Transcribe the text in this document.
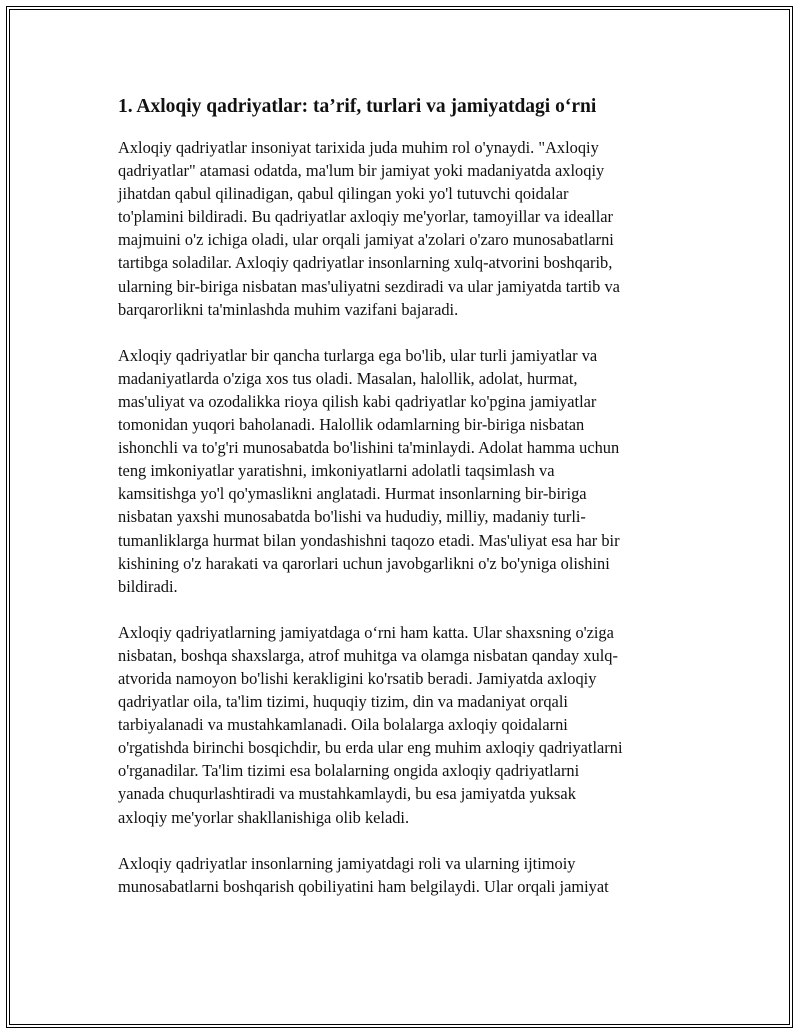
1. Axloqiy qadriyatlar: ta’rif, turlari va jamiyatdagi o‘rni

Axloqiy qadriyatlar insoniyat tarixida juda muhim rol o'ynaydi. "Axloqiy
qadriyatlar" atamasi odatda, ma'lum bir jamiyat yoki madaniyatda axloqiy
jihatdan qabul qilinadigan, qabul qilingan yoki yo'l tutuvchi qoidalar
to'plamini bildiradi. Bu qadriyatlar axloqiy me'yorlar, tamoyillar va ideallar
majmuini o'z ichiga oladi, ular orqali jamiyat a'zolari o'zaro munosabatlarni
tartibga soladilar. Axloqiy qadriyatlar insonlarning xulq-atvorini boshqarib,
ularning bir-biriga nisbatan mas'uliyatni sezdiradi va ular jamiyatda tartib va
barqarorlikni ta'minlashda muhim vazifani bajaradi.

Axloqiy qadriyatlar bir qancha turlarga ega bo'lib, ular turli jamiyatlar va
madaniyatlarda o'ziga xos tus oladi. Masalan, halollik, adolat, hurmat,
mas'uliyat va ozodalikka rioya qilish kabi qadriyatlar ko'pgina jamiyatlar
tomonidan yuqori baholanadi. Halollik odamlarning bir-biriga nisbatan
ishonchli va to'g'ri munosabatda bo'lishini ta'minlaydi. Adolat hamma uchun
teng imkoniyatlar yaratishni, imkoniyatlarni adolatli taqsimlash va
kamsitishga yo'l qo'ymaslikni anglatadi. Hurmat insonlarning bir-biriga
nisbatan yaxshi munosabatda bo'lishi va hududiy, milliy, madaniy turli-
tumanliklarga hurmat bilan yondashishni taqozo etadi. Mas'uliyat esa har bir
kishining o'z harakati va qarorlari uchun javobgarlikni o'z bo'yniga olishini
bildiradi.

Axloqiy qadriyatlarning jamiyatdaga o‘rni ham katta. Ular shaxsning o'ziga
nisbatan, boshqa shaxslarga, atrof muhitga va olamga nisbatan qanday xulq-
atvorida namoyon bo'lishi kerakligini ko'rsatib beradi. Jamiyatda axloqiy
qadriyatlar oila, ta'lim tizimi, huquqiy tizim, din va madaniyat orqali
tarbiyalanadi va mustahkamlanadi. Oila bolalarga axloqiy qoidalarni
o'rgatishda birinchi bosqichdir, bu erda ular eng muhim axloqiy qadriyatlarni
o'rganadilar. Ta'lim tizimi esa bolalarning ongida axloqiy qadriyatlarni
yanada chuqurlashtiradi va mustahkamlaydi, bu esa jamiyatda yuksak
axloqiy me'yorlar shakllanishiga olib keladi.

Axloqiy qadriyatlar insonlarning jamiyatdagi roli va ularning ijtimoiy
munosabatlarni boshqarish qobiliyatini ham belgilaydi. Ular orqali jamiyat
